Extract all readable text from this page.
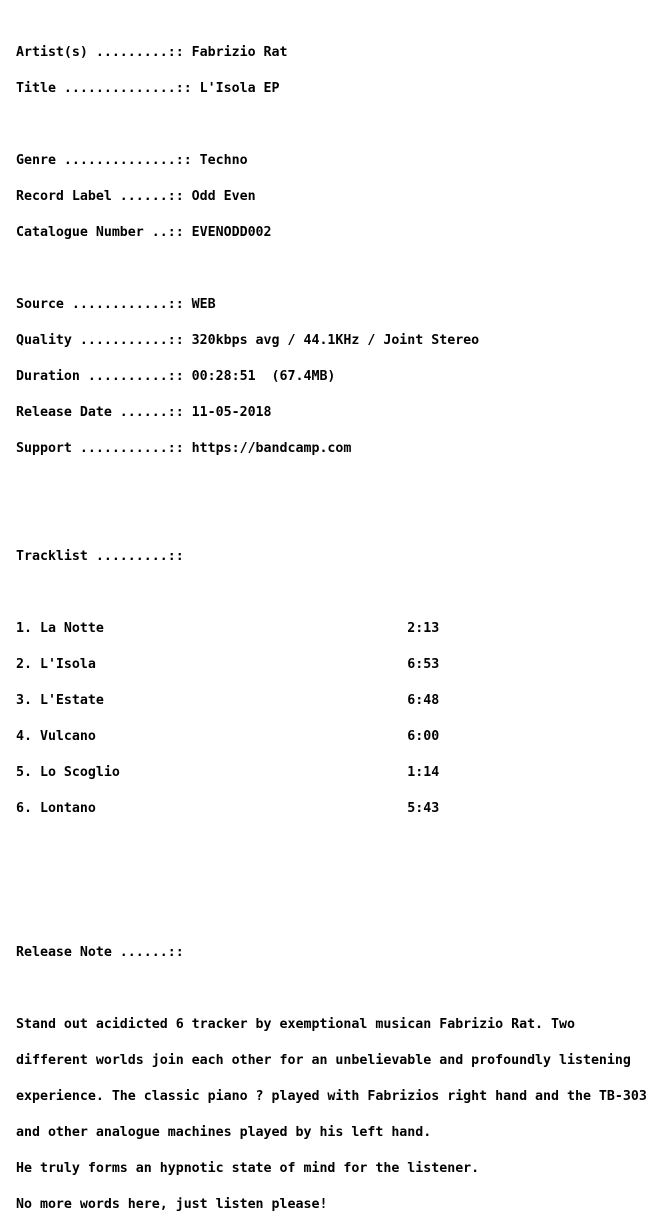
Artist(s) .........:: Fabrizio Rat

Title ..............:: L'Isola EP

Genre ..............:: Techno

Record Label ......:: Odd Even

Catalogue Number ..:: EVENODD002

Source ............:: WEB

Quality ...........:: 320kbps avg / 44.1KHz / Joint Stereo

Duration ..........:: 00:28:51  (67.4MB)

Release Date ......:: 11-05-2018

Support ...........:: https://bandcamp.com

Tracklist .........::

1. La Notte                                      2:13

2. L'Isola                                       6:53

3. L'Estate                                      6:48

4. Vulcano                                       6:00

5. Lo Scoglio                                    1:14

6. Lontano                                       5:43

Release Note ......::

Stand out acidicted 6 tracker by exemptional musican Fabrizio Rat. Two

different worlds join each other for an unbelievable and profoundly listening

experience. The classic piano ? played with Fabrizios right hand and the TB-303

and other analogue machines played by his left hand.

He truly forms an hypnotic state of mind for the listener.

No more words here, just listen please!
